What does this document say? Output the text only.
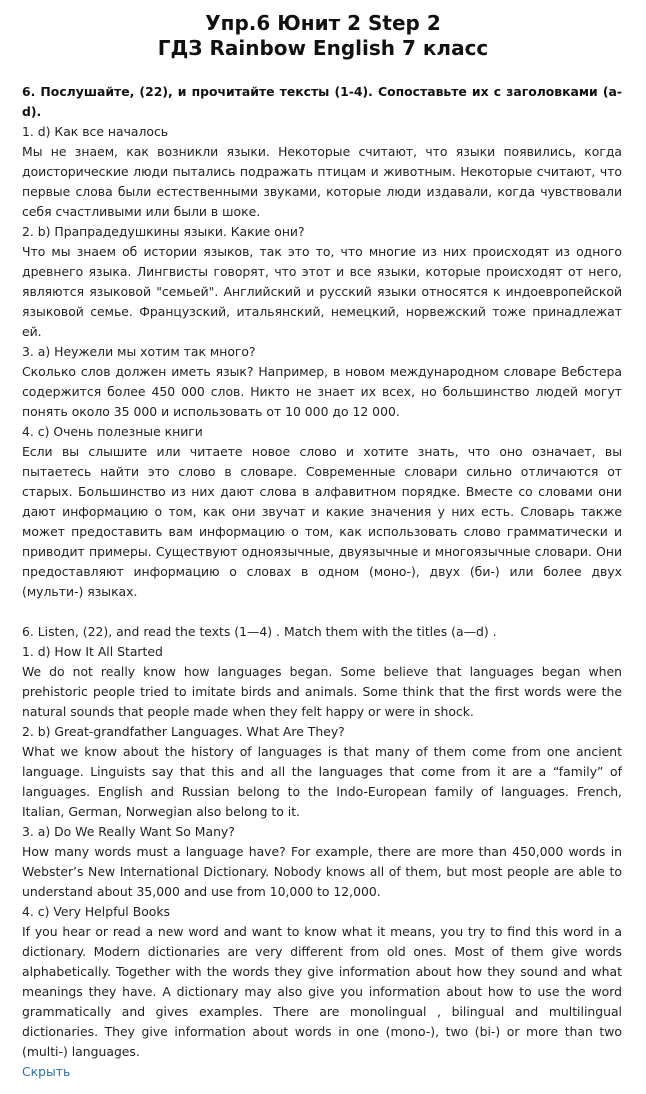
Упр.6 Юнит 2 Step 2
ГДЗ Rainbow English 7 класс

6. Послушайте, (22), и прочитайте тексты (1-4). Сопоставьте их с заголовками (a-d).

1. d) Как все началось

Мы не знаем, как возникли языки. Некоторые считают, что языки появились, когда доисторические люди пытались подражать птицам и животным. Некоторые считают, что первые слова были естественными звуками, которые люди издавали, когда чувствовали себя счастливыми или были в шоке.

2. b) Прапрадедушкины языки. Какие они?

Что мы знаем об истории языков, так это то, что многие из них происходят из одного древнего языка. Лингвисты говорят, что этот и все языки, которые происходят от него, являются языковой "семьей". Английский и русский языки относятся к индоевропейской языковой семье. Французский, итальянский, немецкий, норвежский тоже принадлежат ей.

3. a) Неужели мы хотим так много?

Сколько слов должен иметь язык? Например, в новом международном словаре Вебстера содержится более 450 000 слов. Никто не знает их всех, но большинство людей могут понять около 35 000 и использовать от 10 000 до 12 000.

4. c) Очень полезные книги

Если вы слышите или читаете новое слово и хотите знать, что оно означает, вы пытаетесь найти это слово в словаре. Современные словари сильно отличаются от старых. Большинство из них дают слова в алфавитном порядке. Вместе со словами они дают информацию о том, как они звучат и какие значения у них есть. Словарь также может предоставить вам информацию о том, как использовать слово грамматически и приводит примеры. Существуют одноязычные, двуязычные и многоязычные словари. Они предоставляют информацию о словах в одном (моно-), двух (би-) или более двух (мульти-) языках.

6. Listen, (22), and read the texts (1—4) . Match them with the titles (a—d) .

1. d) How It All Started

We do not really know how languages began. Some believe that languages began when prehistoric people tried to imitate birds and animals. Some think that the first words were the natural sounds that people made when they felt happy or were in shock.

2. b) Great-grandfather Languages. What Are They?

What we know about the history of languages is that many of them come from one ancient language. Linguists say that this and all the languages that come from it are a “family” of languages. English and Russian belong to the Indo-European family of languages. French, Italian, German, Norwegian also belong to it.

3. a) Do We Really Want So Many?

How many words must a language have? For example, there are more than 450,000 words in Webster’s New International Dictionary. Nobody knows all of them, but most people are able to understand about 35,000 and use from 10,000 to 12,000.

4. c) Very Helpful Books

If you hear or read a new word and want to know what it means, you try to find this word in a dictionary. Modern dictionaries are very different from old ones. Most of them give words alphabetically. Together with the words they give information about how they sound and what meanings they have. A dictionary may also give you information about how to use the word grammatically and gives examples. There are monolingual , bilingual and multilingual dictionaries. They give information about words in one (mono-), two (bi-) or more than two (multi-) languages.

Скрыть
